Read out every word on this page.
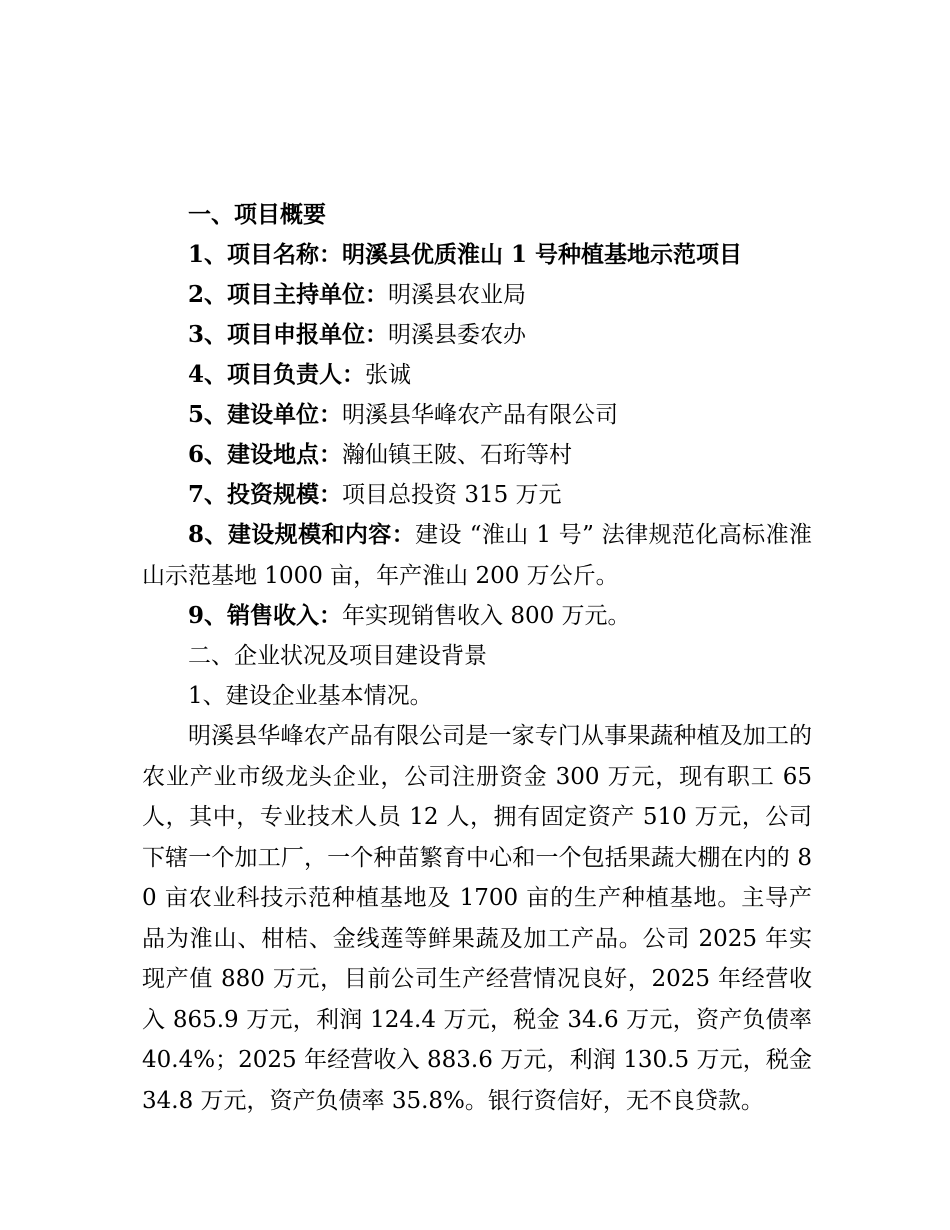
一、项目概要

1、项目名称：明溪县优质淮山 1 号种植基地示范项目

2、项目主持单位：明溪县农业局

3、项目申报单位：明溪县委农办

4、项目负责人：张诚

5、建设单位：明溪县华峰农产品有限公司

6、建设地点：瀚仙镇王陂、石珩等村

7、投资规模：项目总投资 315 万元

8、建设规模和内容：建设 “淮山 1 号” 法律规范化高标准淮山示范基地 1000 亩，年产淮山 200 万公斤。

9、销售收入：年实现销售收入 800 万元。

二、企业状况及项目建设背景

1、建设企业基本情况。

明溪县华峰农产品有限公司是一家专门从事果蔬种植及加工的农业产业市级龙头企业，公司注册资金 300 万元，现有职工 65 人，其中，专业技术人员 12 人，拥有固定资产 510 万元，公司下辖一个加工厂，一个种苗繁育中心和一个包括果蔬大棚在内的 80 亩农业科技示范种植基地及 1700 亩的生产种植基地。主导产品为淮山、柑桔、金线莲等鲜果蔬及加工产品。公司 2025 年实现产值 880 万元，目前公司生产经营情况良好，2025 年经营收入 865.9 万元，利润 124.4 万元，税金 34.6 万元，资产负债率 40.4%；2025 年经营收入 883.6 万元，利润 130.5 万元，税金 34.8 万元，资产负债率 35.8%。银行资信好，无不良贷款。
